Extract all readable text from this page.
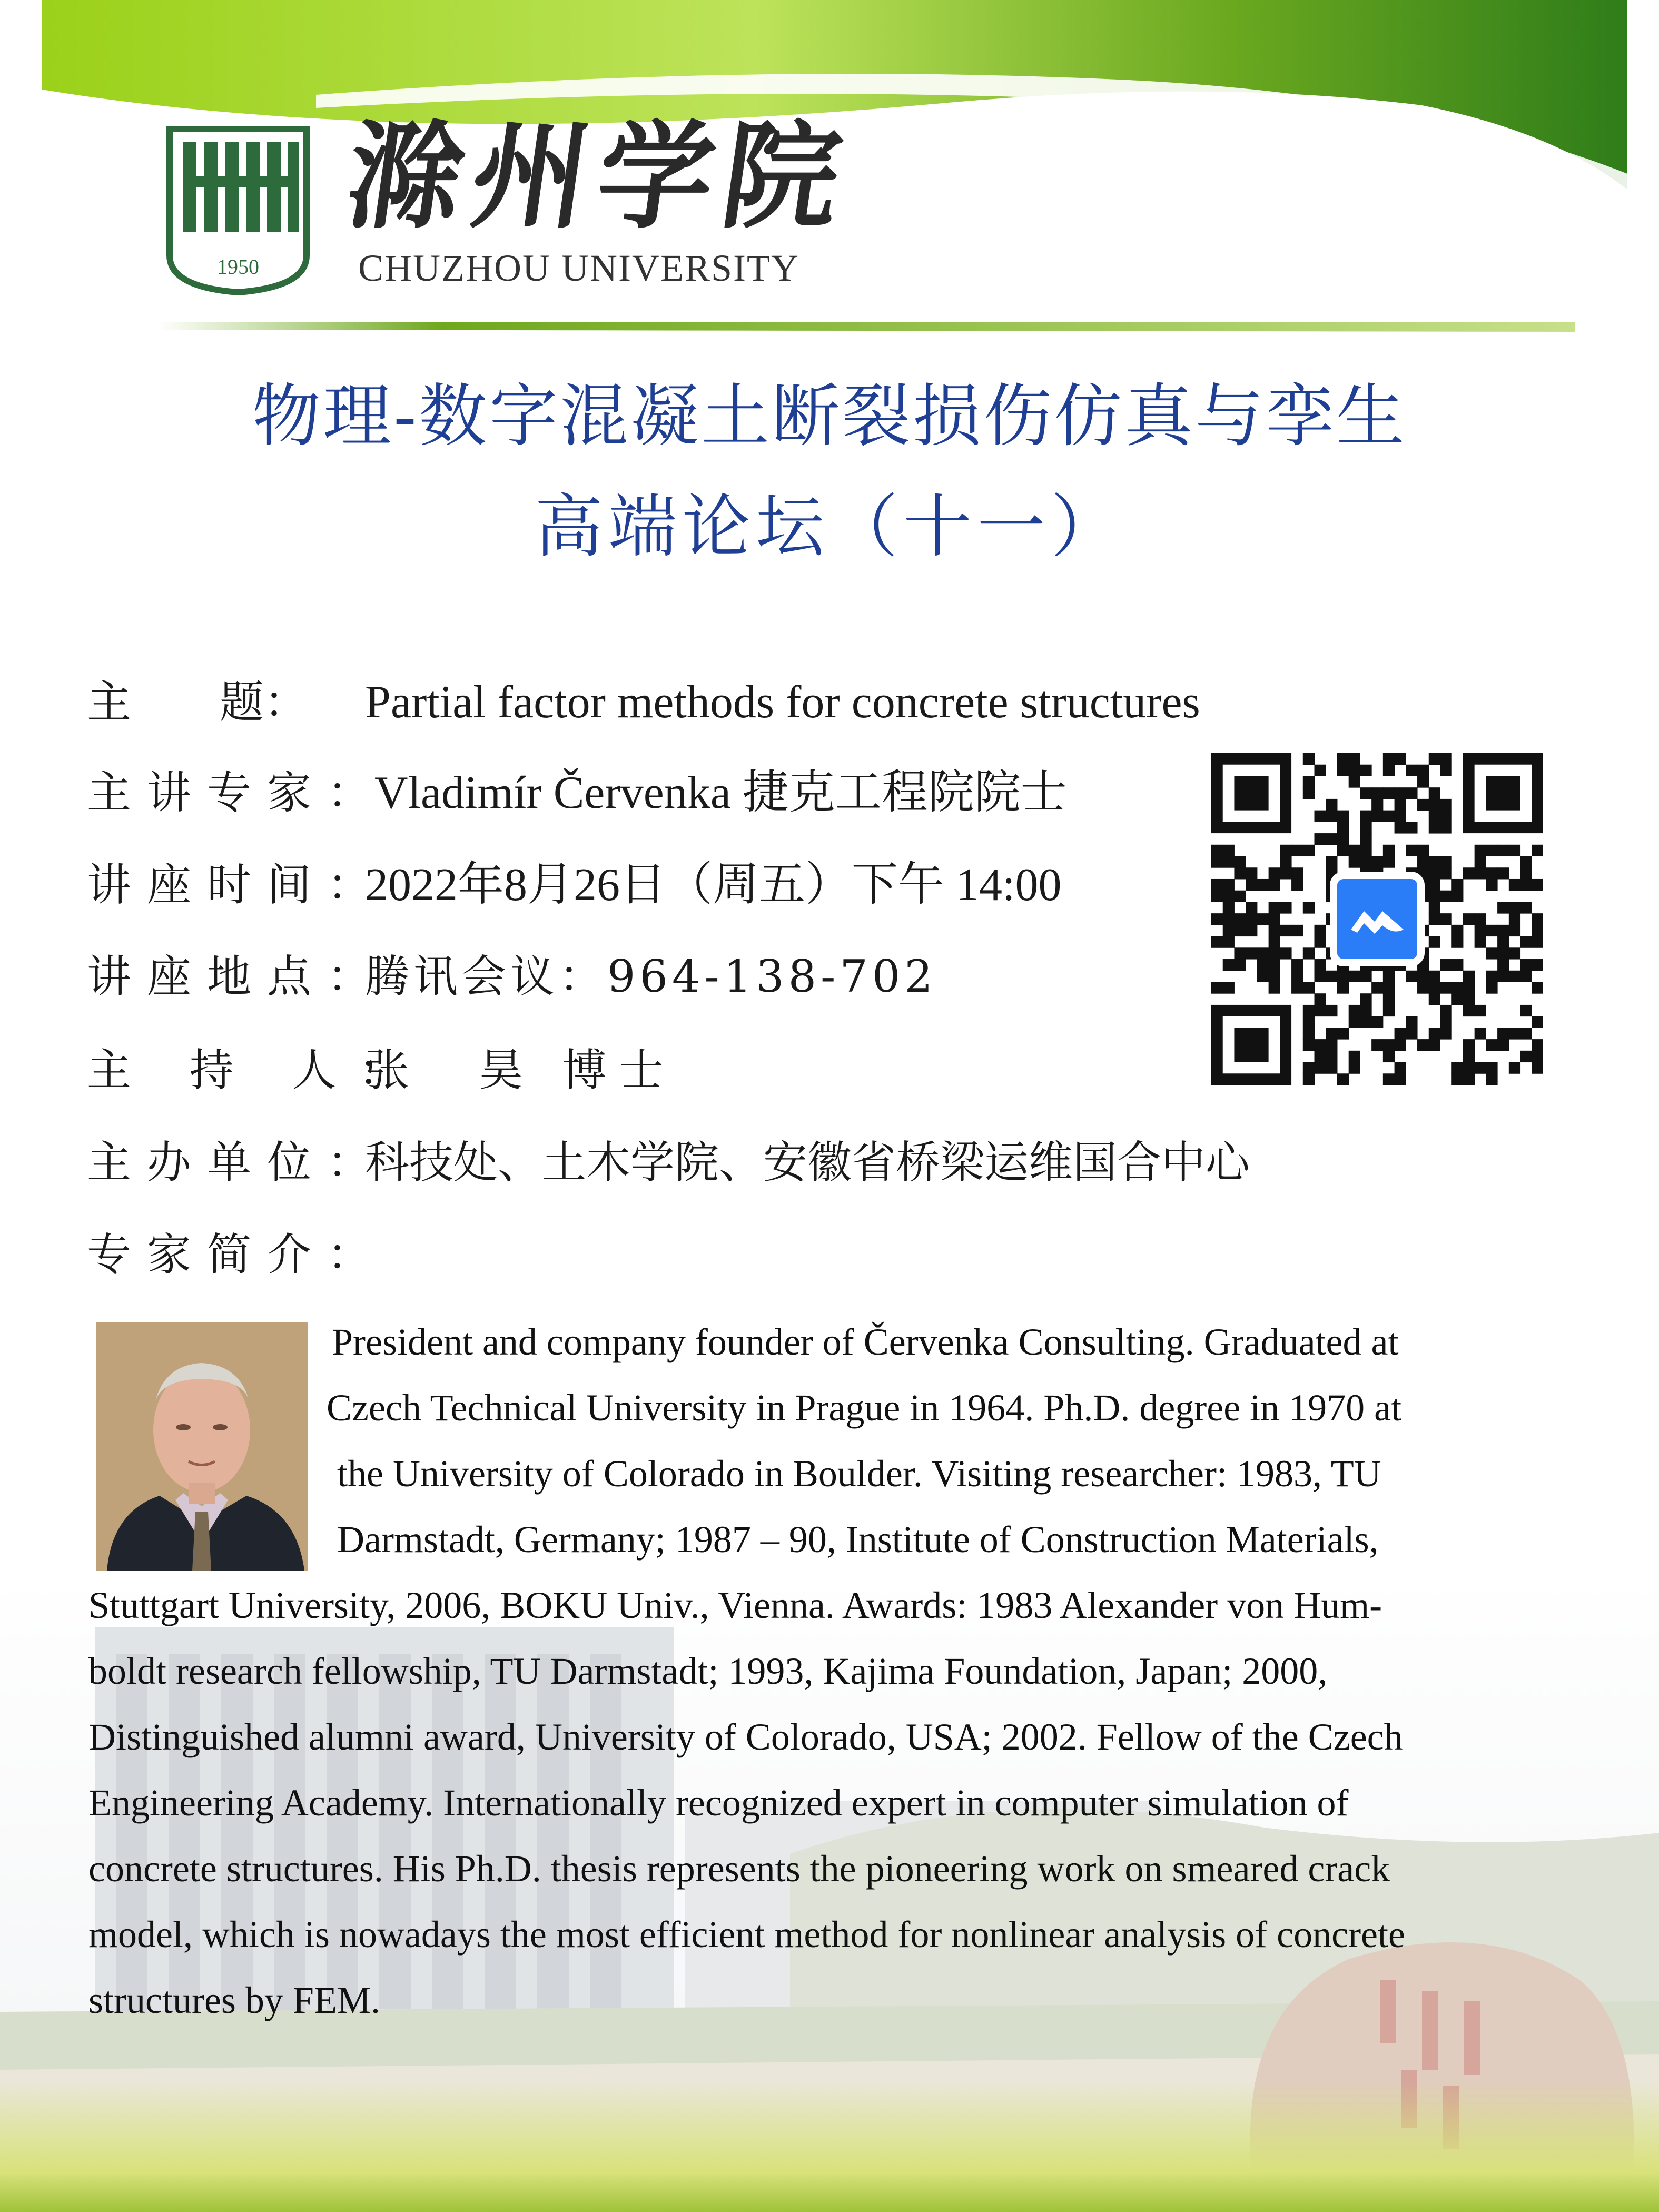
1950
滁州学院
CHUZHOU UNIVERSITY
物理-数字混凝土断裂损伤仿真与孪生
高端论坛（十一）
主　　题：	Partial factor methods for concrete structures
主讲专家：
Vladimír Červenka 捷克工程院院士
讲座时间：
2022年8月26日（周五）下午 14:00
讲座地点：
腾讯会议：964-138-702
主 持 人：
张　昊 博士
主办单位：
科技处、土木学院、安徽省桥梁运维国合中心
专家简介：
President and company founder of Červenka Consulting. Graduated at
Czech Technical University in Prague in 1964. Ph.D. degree in 1970 at
the University of Colorado in Boulder. Visiting researcher: 1983, TU
Darmstadt, Germany; 1987 – 90, Institute of Construction Materials,
Stuttgart University, 2006, BOKU Univ., Vienna. Awards: 1983 Alexander von Hum-
boldt research fellowship, TU Darmstadt; 1993, Kajima Foundation, Japan; 2000,
Distinguished alumni award, University of Colorado, USA; 2002. Fellow of the Czech
Engineering Academy. Internationally recognized expert in computer simulation of
concrete structures. His Ph.D. thesis represents the pioneering work on smeared crack
model, which is nowadays the most efficient method for nonlinear analysis of concrete
structures by FEM.
